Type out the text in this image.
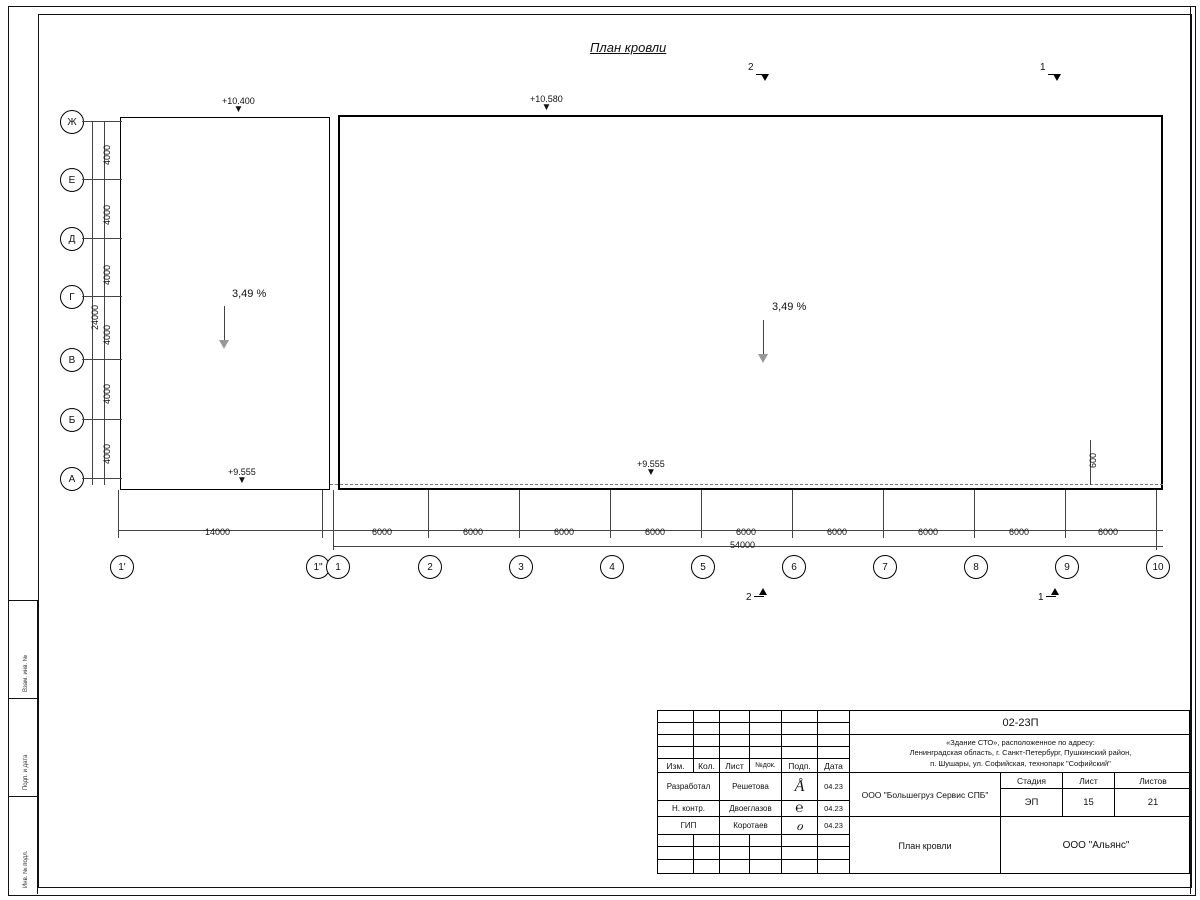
План кровли
+10.400
▼
+10.580
▼
+9.555
▼
+9.555
▼
3,49 %
3,49 %
Ж
Е
Д
Г
В
Б
А
4000
4000
4000
4000
4000
4000
24000
600
14000	6000	6000	6000	6000	6000	6000	6000	6000	6000
54000
1'	1"	1	2	3	4	5	6	7	8	9	10
2	1
2	1
Взам. инв. №
Подп. и дата
Инв. № подл.
Изм.	Кол.	Лист	№док.	Подп.	Дата
Разработал	Решетова	Å	04.23
Н. контр.	Двоеглазов	℮	04.23
ГИП	Коротаев	ℴ	04.23
02-23П
«Здание СТО», расположенное по адресу:
Ленинградская область, г. Санкт-Петербург, Пушкинский район,
п. Шушары, ул. Софийская, технопарк "Софийский"
ООО "Большегруз Сервис СПБ"
План кровли
Стадия	Лист	Листов
ЭП	15	21
ООО "Альянс"
